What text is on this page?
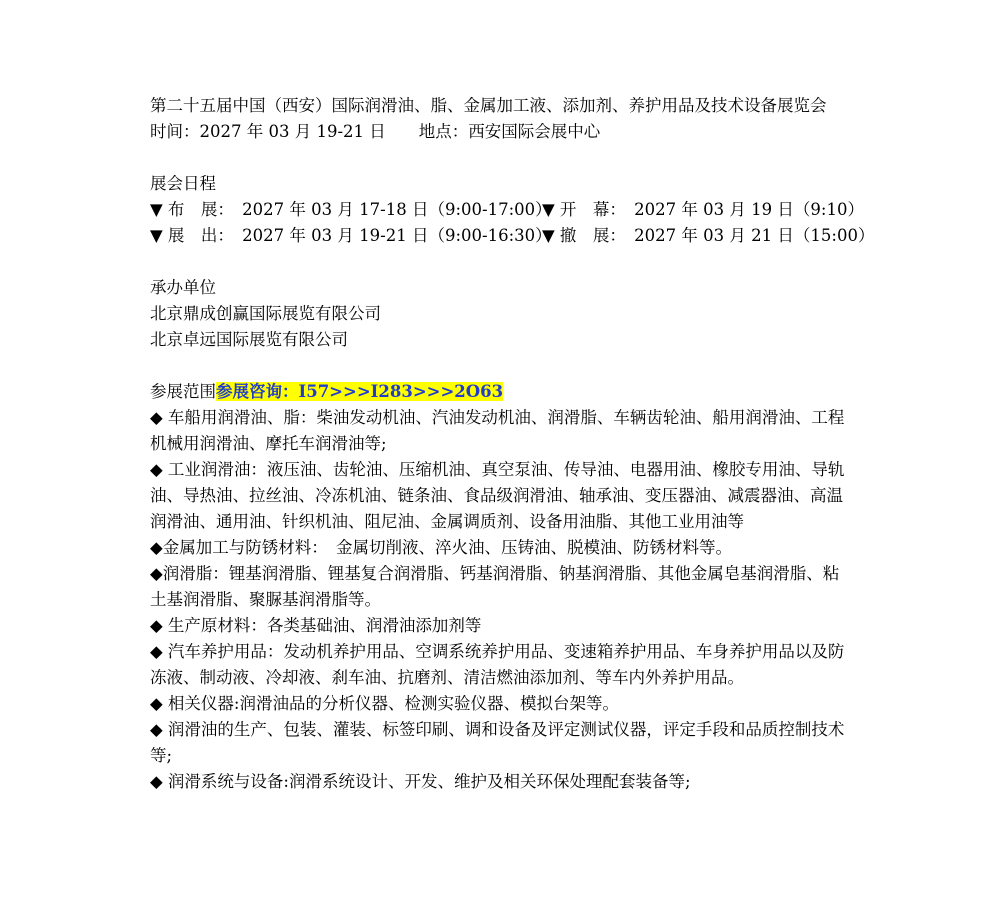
第二十五届中国（西安）国际润滑油、脂、金属加工液、添加剂、养护用品及技术设备展览会
时间：2027 年 03 月 19-21 日　　地点：西安国际会展中心
展会日程
▼ 布　展：　2027 年 03 月 17-18 日（9:00-17:00）
▼ 开　幕：　2027 年 03 月 19 日（9:10）
▼ 展　出：　2027 年 03 月 19-21 日（9:00-16:30）
▼ 撤　展：　2027 年 03 月 21 日（15:00）
承办单位
北京鼎成创赢国际展览有限公司
北京卓远国际展览有限公司
参展范围参展咨询：I57>>>I283>>>2O63
◆ 车船用润滑油、脂：柴油发动机油、汽油发动机油、润滑脂、车辆齿轮油、船用润滑油、工程机械用润滑油、摩托车润滑油等;
◆ 工业润滑油：液压油、齿轮油、压缩机油、真空泵油、传导油、电器用油、橡胶专用油、导轨油、导热油、拉丝油、冷冻机油、链条油、食品级润滑油、轴承油、变压器油、减震器油、高温润滑油、通用油、针织机油、阻尼油、金属调质剂、设备用油脂、其他工业用油等
◆金属加工与防锈材料：　金属切削液、淬火油、压铸油、脱模油、防锈材料等。
◆润滑脂：锂基润滑脂、锂基复合润滑脂、钙基润滑脂、钠基润滑脂、其他金属皂基润滑脂、粘土基润滑脂、聚脲基润滑脂等。
◆ 生产原材料：各类基础油、润滑油添加剂等
◆ 汽车养护用品：发动机养护用品、空调系统养护用品、变速箱养护用品、车身养护用品以及防冻液、制动液、冷却液、刹车油、抗磨剂、清洁燃油添加剂、等车内外养护用品。
◆ 相关仪器:润滑油品的分析仪器、检测实验仪器、模拟台架等。
◆ 润滑油的生产、包装、灌装、标签印刷、调和设备及评定测试仪器，评定手段和品质控制技术等;
◆ 润滑系统与设备:润滑系统设计、开发、维护及相关环保处理配套装备等;
